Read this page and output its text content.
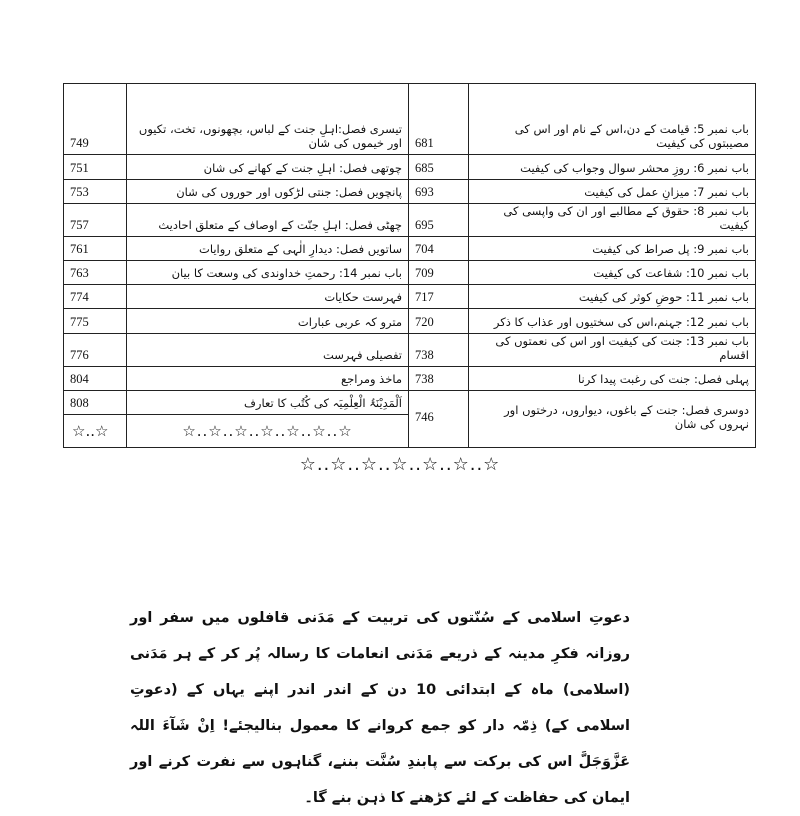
749	تیسری فصل:اہلِ جنت کے لباس، بچھونوں، تخت، تکیوں اور خیموں کی شان	681	باب نمبر 5: قیامت کے دن،اس کے نام اور اس کی مصیبتوں کی کیفیت
751	چوتھی فصل: اہلِ جنت کے کھانے کی شان	685	باب نمبر 6: روزِ محشر سوال وجواب کی کیفیت
753	پانچویں فصل: جنتی لڑکوں اور حوروں کی شان	693	باب نمبر 7: میزانِ عمل کی کیفیت
757	چھٹی فصل: اہلِ جنّت کے اوصاف کے متعلق احادیث	695	باب نمبر 8: حقوق کے مطالبے اور ان کی واپسی کی کیفیت
761	ساتویں فصل: دیدارِ الٰہی کے متعلق روایات	704	باب نمبر 9: پل صراط کی کیفیت
763	باب نمبر 14: رحمتِ خداوندی کی وسعت کا بیان	709	باب نمبر 10: شفاعت کی کیفیت
774	فہرست حکایات	717	باب نمبر 11: حوضِ کوثر کی کیفیت
775	مترو کہ عربی عبارات	720	باب نمبر 12: جہنم،اس کی سختیوں اور عذاب کا ذکر
776	تفصیلی فہرست	738	باب نمبر 13: جنت کی کیفیت اور اس کی نعمتوں کی اقسام
804	ماخذ ومراجع	738	پہلی فصل: جنت کی رغبت پیدا کرنا
808	اَلْمَدِیْنَۃُ الْعِلْمِیَہ کی کُتُب کا تعارف	746	دوسری فصل: جنت کے باغوں، دیواروں، درختوں اور نہروں کی شان
☆..☆	☆..☆..☆..☆..☆..☆..☆		
☆..☆..☆..☆..☆..☆..☆
دعوتِ اسلامی کے سُنّتوں کی تربیت کے مَدَنی قافلوں میں سفر اور روزانہ فکرِ مدینہ کے ذریعے مَدَنی انعامات کا رسالہ پُر کر کے ہر مَدَنی (اسلامی) ماہ کے ابتدائی 10 دن کے اندر اندر اپنے یہاں کے (دعوتِ اسلامی کے) ذِمّہ دار کو جمع کروانے کا معمول بنالیجئے! اِنْ شَآءَ اللہ عَزَّوَجَلَّ اس کی برکت سے پابندِ سُنَّت بننے، گناہوں سے نفرت کرنے اور ایمان کی حفاظت کے لئے کڑھنے کا ذہن بنے گا۔
